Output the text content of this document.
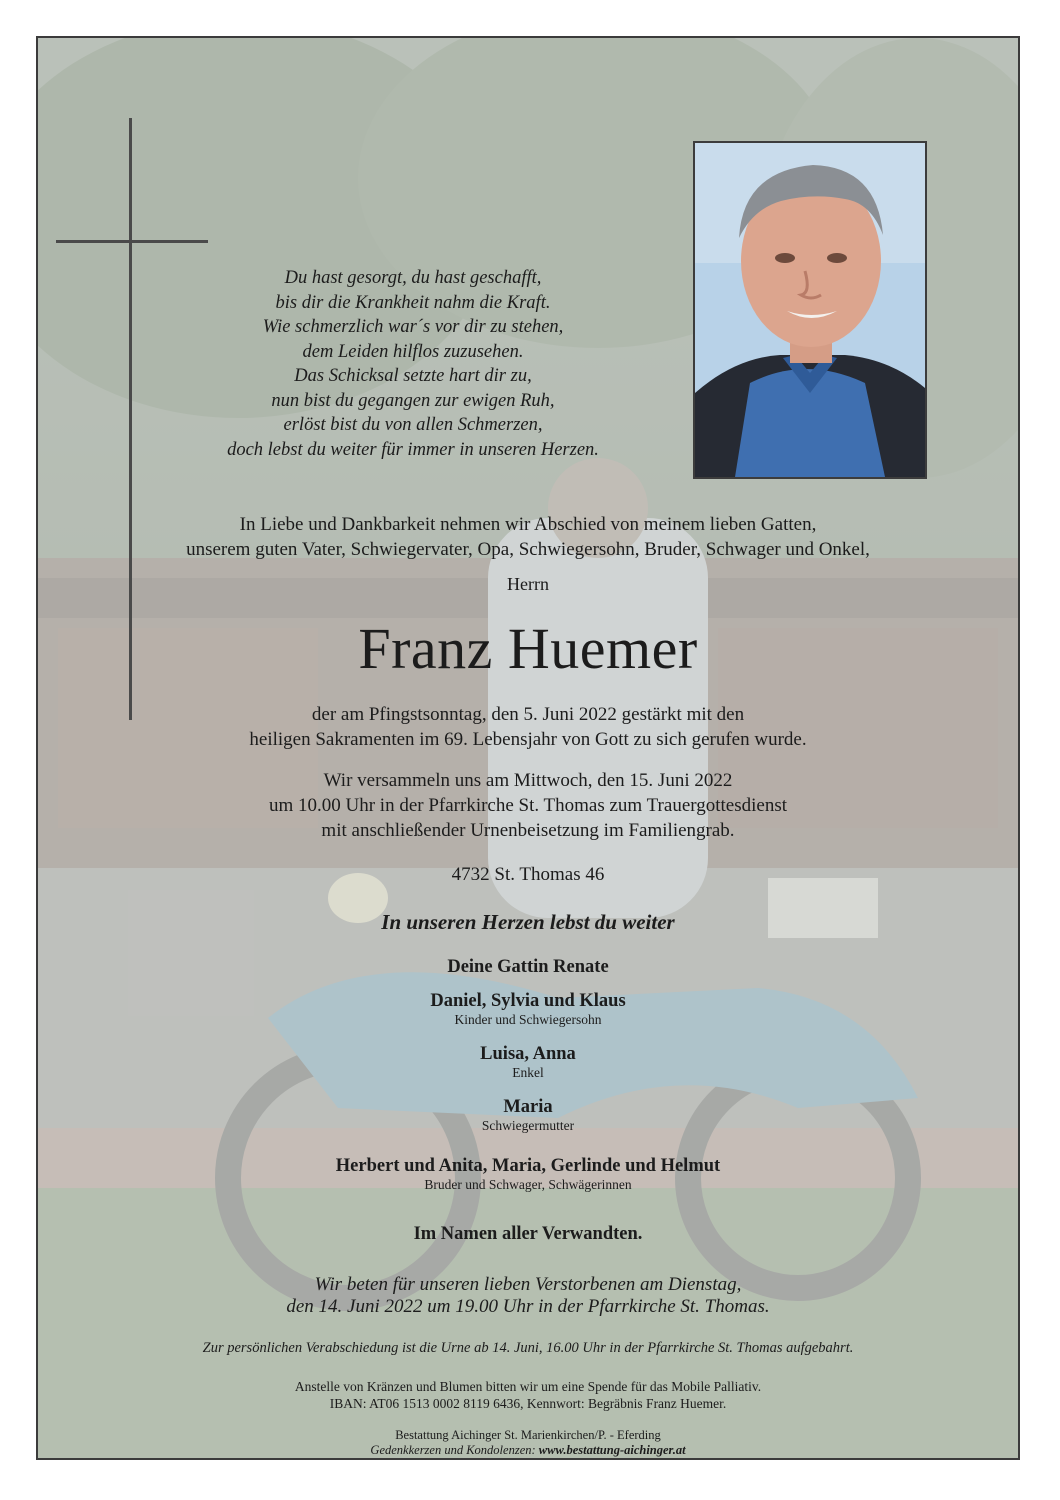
Du hast gesorgt, du hast geschafft,
bis dir die Krankheit nahm die Kraft.
Wie schmerzlich war´s vor dir zu stehen,
dem Leiden hilflos zuzusehen.
Das Schicksal setzte hart dir zu,
nun bist du gegangen zur ewigen Ruh,
erlöst bist du von allen Schmerzen,
doch lebst du weiter für immer in unseren Herzen.
In Liebe und Dankbarkeit nehmen wir Abschied von meinem lieben Gatten,
unserem guten Vater, Schwiegervater, Opa, Schwiegersohn, Bruder, Schwager und Onkel,
Herrn
Franz Huemer
der am Pfingstsonntag, den 5. Juni 2022 gestärkt mit den
heiligen Sakramenten im 69. Lebensjahr von Gott zu sich gerufen wurde.
Wir versammeln uns am Mittwoch, den 15. Juni 2022
um 10.00 Uhr in der Pfarrkirche St. Thomas zum Trauergottesdienst
mit anschließender Urnenbeisetzung im Familiengrab.
4732 St. Thomas 46
In unseren Herzen lebst du weiter
Deine Gattin Renate
Daniel, Sylvia und Klaus
Kinder und Schwiegersohn
Luisa, Anna
Enkel
Maria
Schwiegermutter
Herbert und Anita, Maria, Gerlinde und Helmut
Bruder und Schwager, Schwägerinnen
Im Namen aller Verwandten.
Wir beten für unseren lieben Verstorbenen am Dienstag,
den 14. Juni 2022 um 19.00 Uhr in der Pfarrkirche St. Thomas.
Zur persönlichen Verabschiedung ist die Urne ab 14. Juni, 16.00 Uhr in der Pfarrkirche St. Thomas aufgebahrt.
Anstelle von Kränzen und Blumen bitten wir um eine Spende für das Mobile Palliativ.
IBAN: AT06 1513 0002 8119 6436, Kennwort: Begräbnis Franz Huemer.
Bestattung Aichinger St. Marienkirchen/P. - Eferding
Gedenkkerzen und Kondolenzen: www.bestattung-aichinger.at
